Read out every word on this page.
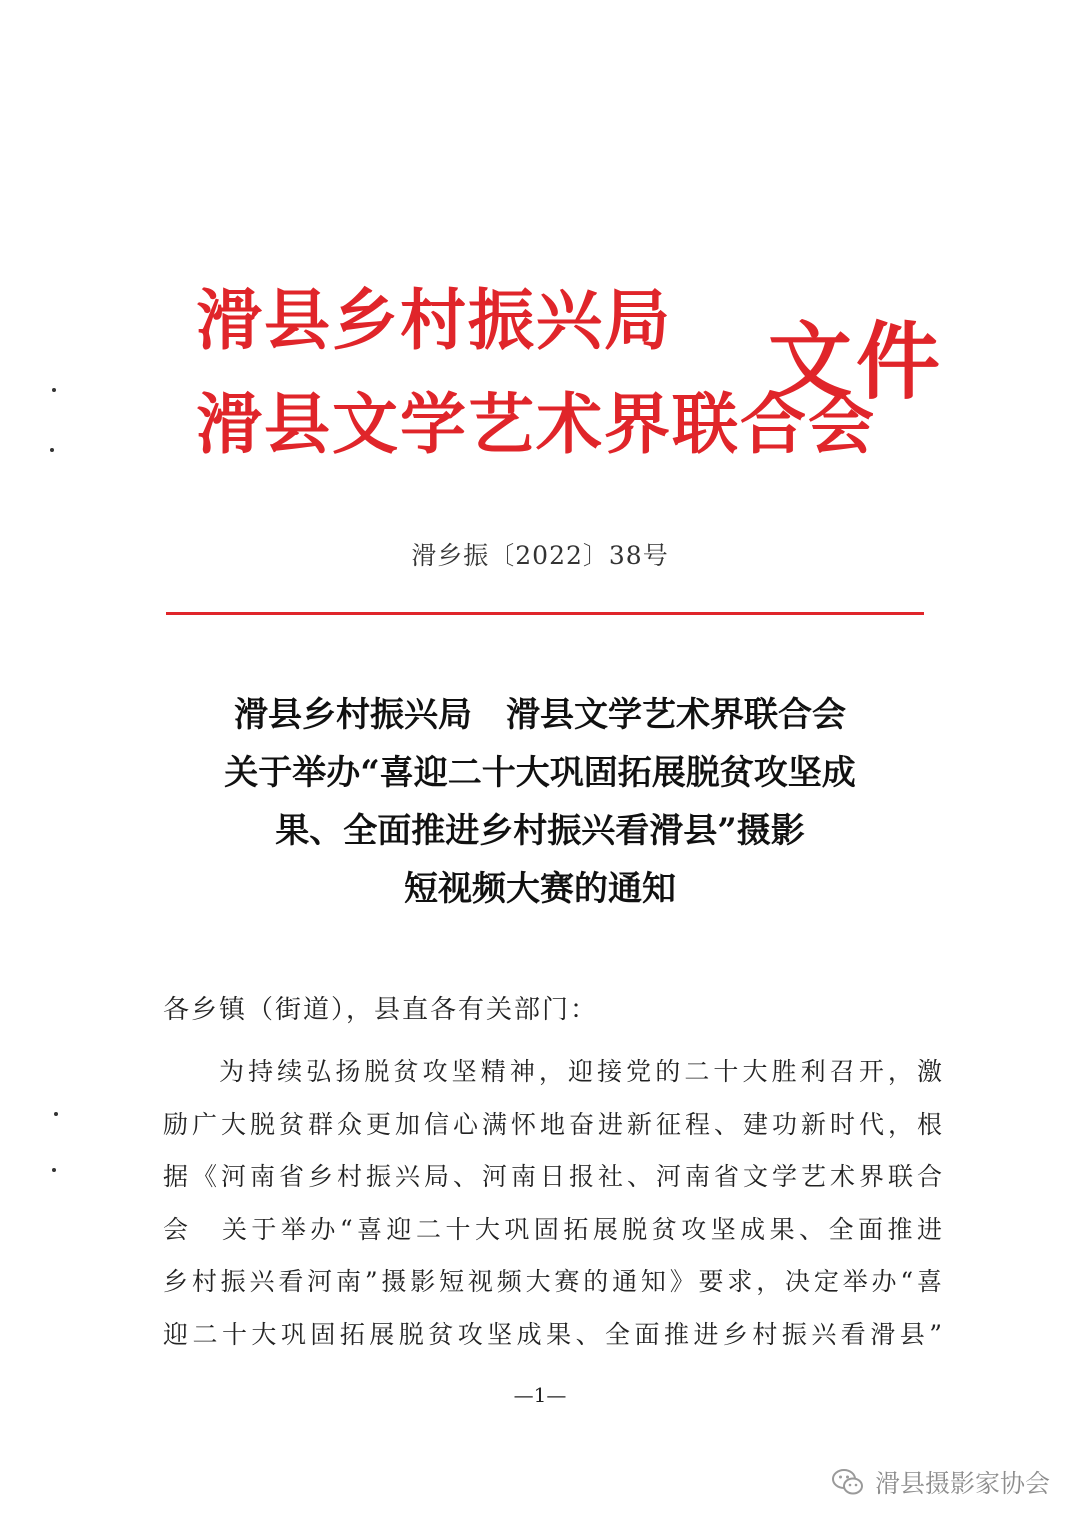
滑县乡村振兴局
滑县文学艺术界联合会
文件
滑乡振〔2022〕38号
滑县乡村振兴局　滑县文学艺术界联合会
关于举办“喜迎二十大巩固拓展脱贫攻坚成
果、全面推进乡村振兴看滑县”摄影
短视频大赛的通知
各乡镇（街道），县直各有关部门：
为持续弘扬脱贫攻坚精神，迎接党的二十大胜利召开，激
励广大脱贫群众更加信心满怀地奋进新征程、建功新时代，根
据《河南省乡村振兴局、河南日报社、河南省文学艺术界联合
会　关于举办“喜迎二十大巩固拓展脱贫攻坚成果、全面推进
乡村振兴看河南”摄影短视频大赛的通知》要求，决定举办“喜
迎二十大巩固拓展脱贫攻坚成果、全面推进乡村振兴看滑县”
—1—
滑县摄影家协会
